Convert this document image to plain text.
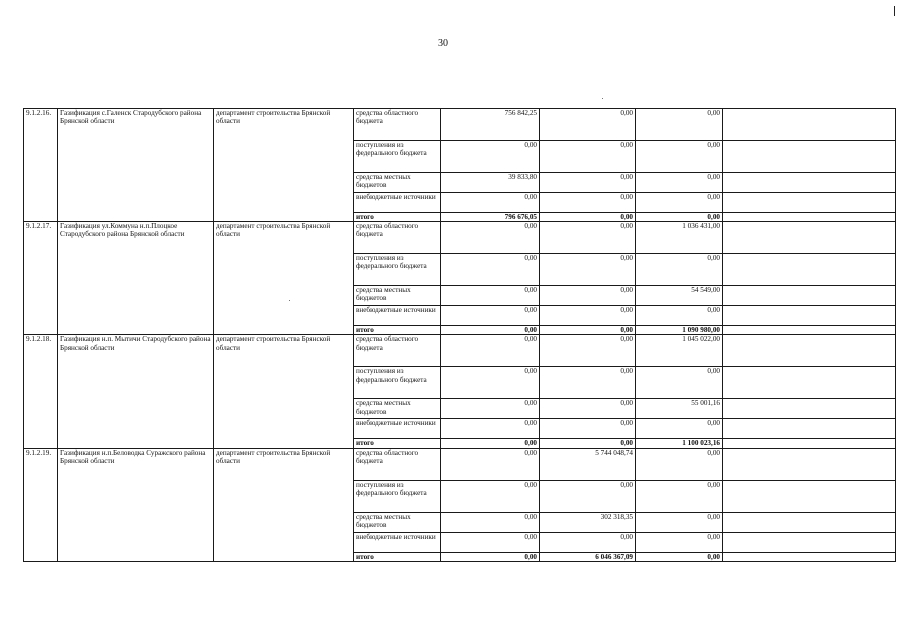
30
9.1.2.16.	Газификация с.Галенск Стародубского района Брянской области	департамент строительства Брянской области	средства областного бюджета	756 842,25	0,00	0,00	
			поступления из федерального бюджета	0,00	0,00	0,00	
			средства местных бюджетов	39 833,80	0,00	0,00	
			внебюджетные источники	0,00	0,00	0,00	
			итого	796 676,05	0,00	0,00	
9.1.2.17.	Газификация ул.Коммуна н.п.Плоцкое Стародубского района Брянской области	департамент строительства Брянской области	средства областного бюджета	0,00	0,00	1 036 431,00	
			поступления из федерального бюджета	0,00	0,00	0,00	
			средства местных бюджетов	0,00	0,00	54 549,00	
			внебюджетные источники	0,00	0,00	0,00	
			итого	0,00	0,00	1 090 980,00	
9.1.2.18.	Газификация н.п. Мытичи Стародубского района Брянской области	департамент строительства Брянской области	средства областного бюджета	0,00	0,00	1 045 022,00	
			поступления из федерального бюджета	0,00	0,00	0,00	
			средства местных бюджетов	0,00	0,00	55 001,16	
			внебюджетные источники	0,00	0,00	0,00	
			итого	0,00	0,00	1 100 023,16	
9.1.2.19.	Газификация н.п.Беловодка Суражского района Брянской области	департамент строительства Брянской области	средства областного бюджета	0,00	5 744 048,74	0,00	
			поступления из федерального бюджета	0,00	0,00	0,00	
			средства местных бюджетов	0,00	302 318,35	0,00	
			внебюджетные источники	0,00	0,00	0,00	
			итого	0,00	6 046 367,09	0,00	
